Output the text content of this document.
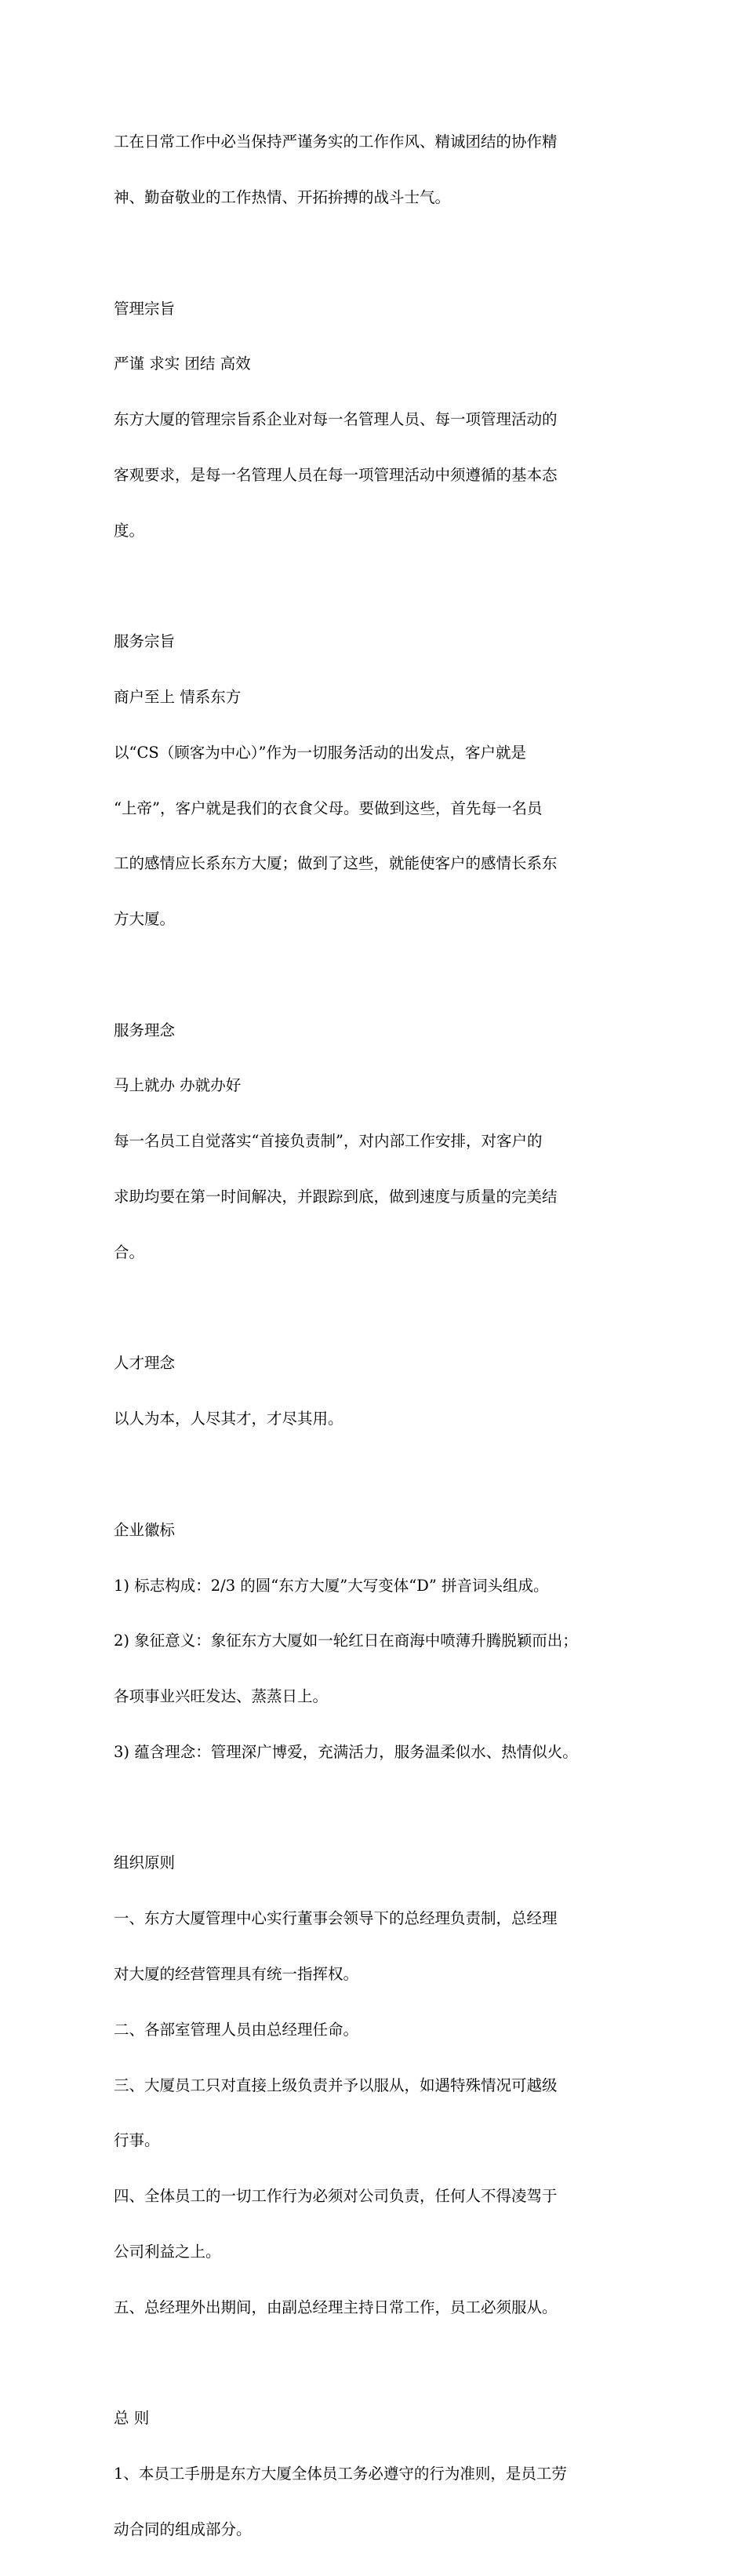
工在日常工作中必当保持严谨务实的工作作风、精诚团结的协作精

神、勤奋敬业的工作热情、开拓拚搏的战斗士气。

管理宗旨

严谨 求实 团结 高效

东方大厦的管理宗旨系企业对每一名管理人员、每一项管理活动的

客观要求，是每一名管理人员在每一项管理活动中须遵循的基本态

度。

服务宗旨

商户至上 情系东方

以“CS（顾客为中心）”作为一切服务活动的出发点，客户就是

“上帝”，客户就是我们的衣食父母。要做到这些，首先每一名员

工的感情应长系东方大厦；做到了这些，就能使客户的感情长系东

方大厦。

服务理念

马上就办 办就办好

每一名员工自觉落实“首接负责制”，对内部工作安排，对客户的

求助均要在第一时间解决，并跟踪到底，做到速度与质量的完美结

合。

人才理念

以人为本，人尽其才，才尽其用。

企业徽标

1) 标志构成：2/3 的圆“东方大厦”大写变体“D” 拼音词头组成。

2) 象征意义：象征东方大厦如一轮红日在商海中喷薄升腾脱颖而出；

各项事业兴旺发达、蒸蒸日上。

3) 蕴含理念：管理深广博爱，充满活力，服务温柔似水、热情似火。

组织原则

一、东方大厦管理中心实行董事会领导下的总经理负责制，总经理

对大厦的经营管理具有统一指挥权。

二、各部室管理人员由总经理任命。

三、大厦员工只对直接上级负责并予以服从，如遇特殊情况可越级

行事。

四、全体员工的一切工作行为必须对公司负责，任何人不得凌驾于

公司利益之上。

五、总经理外出期间，由副总经理主持日常工作，员工必须服从。

总 则

1、本员工手册是东方大厦全体员工务必遵守的行为准则，是员工劳

动合同的组成部分。
